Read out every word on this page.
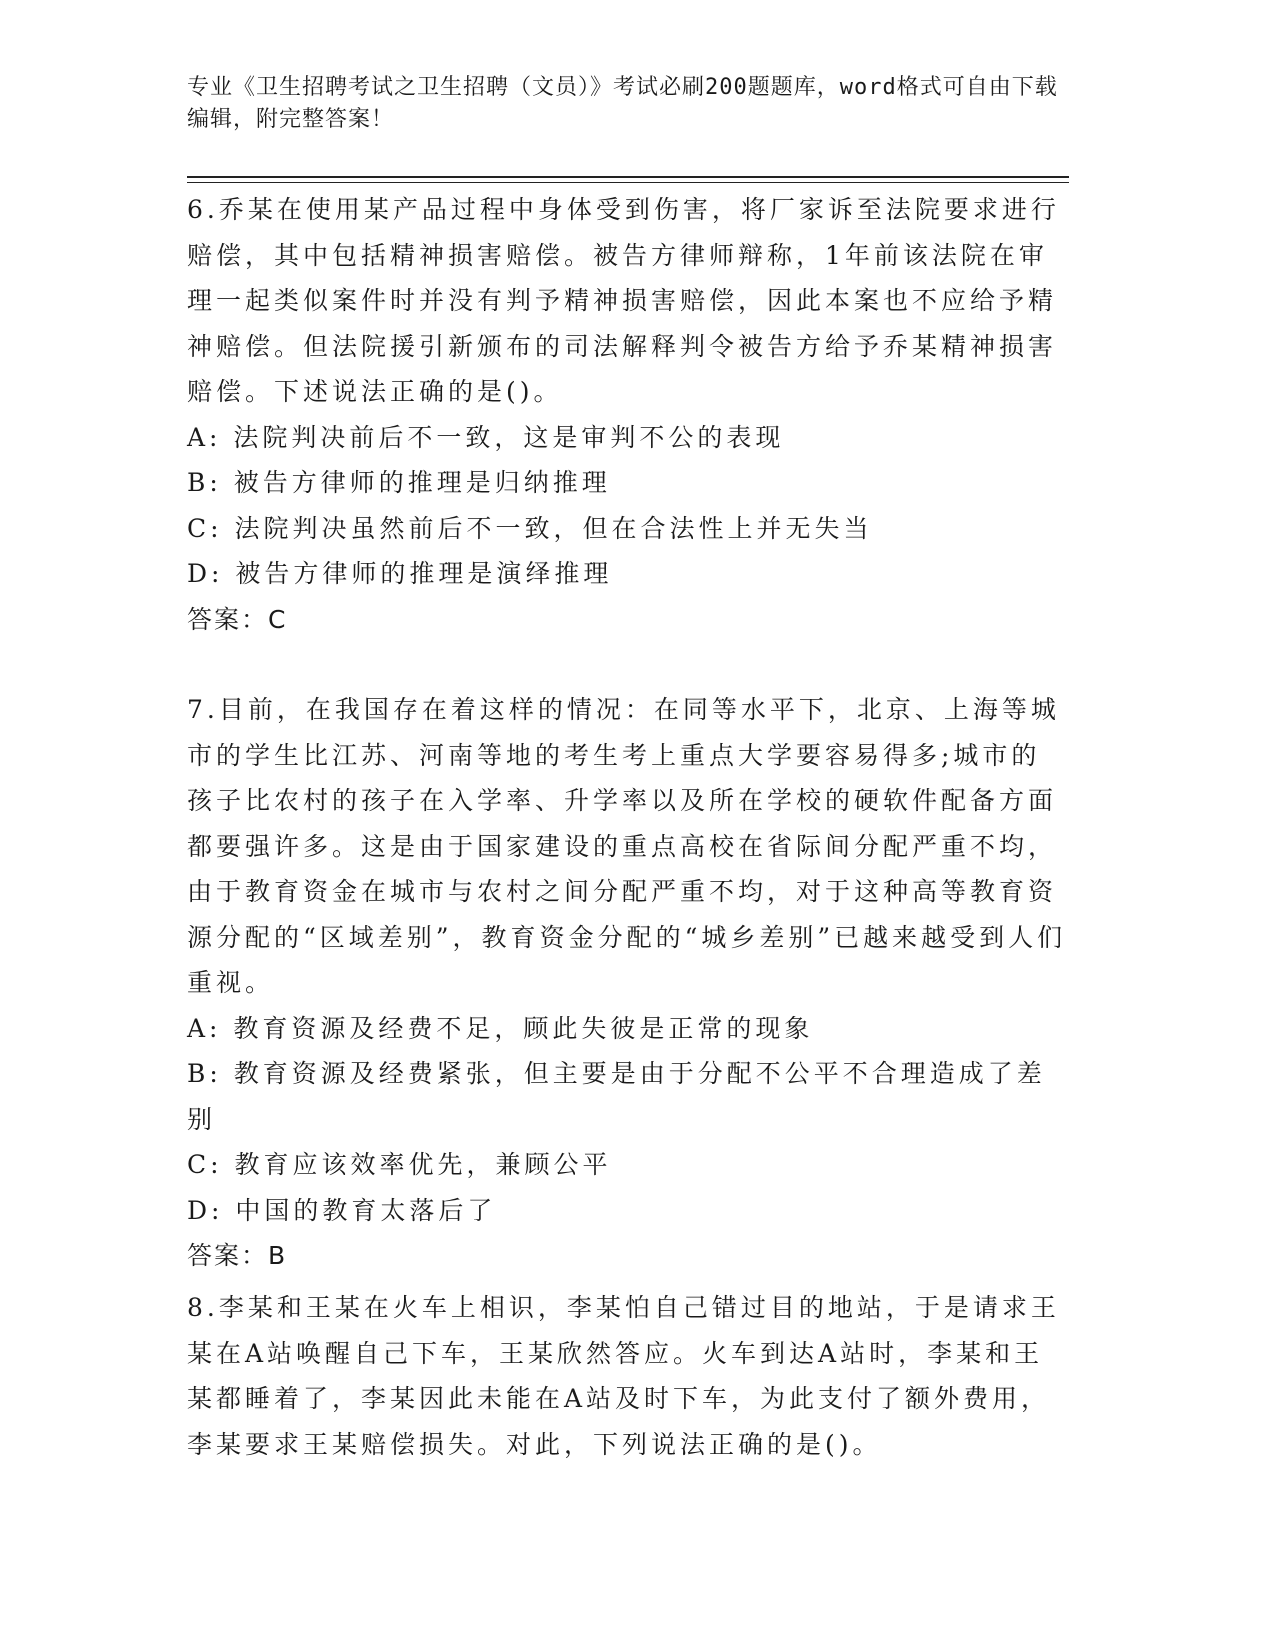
专业《卫生招聘考试之卫生招聘（文员）》考试必刷200题题库，word格式可自由下载编辑，附完整答案！

6.乔某在使用某产品过程中身体受到伤害，将厂家诉至法院要求进行赔偿，其中包括精神损害赔偿。被告方律师辩称，1年前该法院在审理一起类似案件时并没有判予精神损害赔偿，因此本案也不应给予精神赔偿。但法院援引新颁布的司法解释判令被告方给予乔某精神损害赔偿。下述说法正确的是()。

A: 法院判决前后不一致，这是审判不公的表现

B: 被告方律师的推理是归纳推理

C: 法院判决虽然前后不一致，但在合法性上并无失当

D: 被告方律师的推理是演绎推理

答案：C

7.目前，在我国存在着这样的情况：在同等水平下，北京、上海等城市的学生比江苏、河南等地的考生考上重点大学要容易得多;城市的孩子比农村的孩子在入学率、升学率以及所在学校的硬软件配备方面都要强许多。这是由于国家建设的重点高校在省际间分配严重不均，由于教育资金在城市与农村之间分配严重不均，对于这种高等教育资源分配的“区域差别”，教育资金分配的“城乡差别”已越来越受到人们重视。

A: 教育资源及经费不足，顾此失彼是正常的现象

B: 教育资源及经费紧张，但主要是由于分配不公平不合理造成了差别

C: 教育应该效率优先，兼顾公平

D: 中国的教育太落后了

答案：B

8.李某和王某在火车上相识，李某怕自己错过目的地站，于是请求王某在A站唤醒自己下车，王某欣然答应。火车到达A站时，李某和王某都睡着了，李某因此未能在A站及时下车，为此支付了额外费用，李某要求王某赔偿损失。对此，下列说法正确的是()。
